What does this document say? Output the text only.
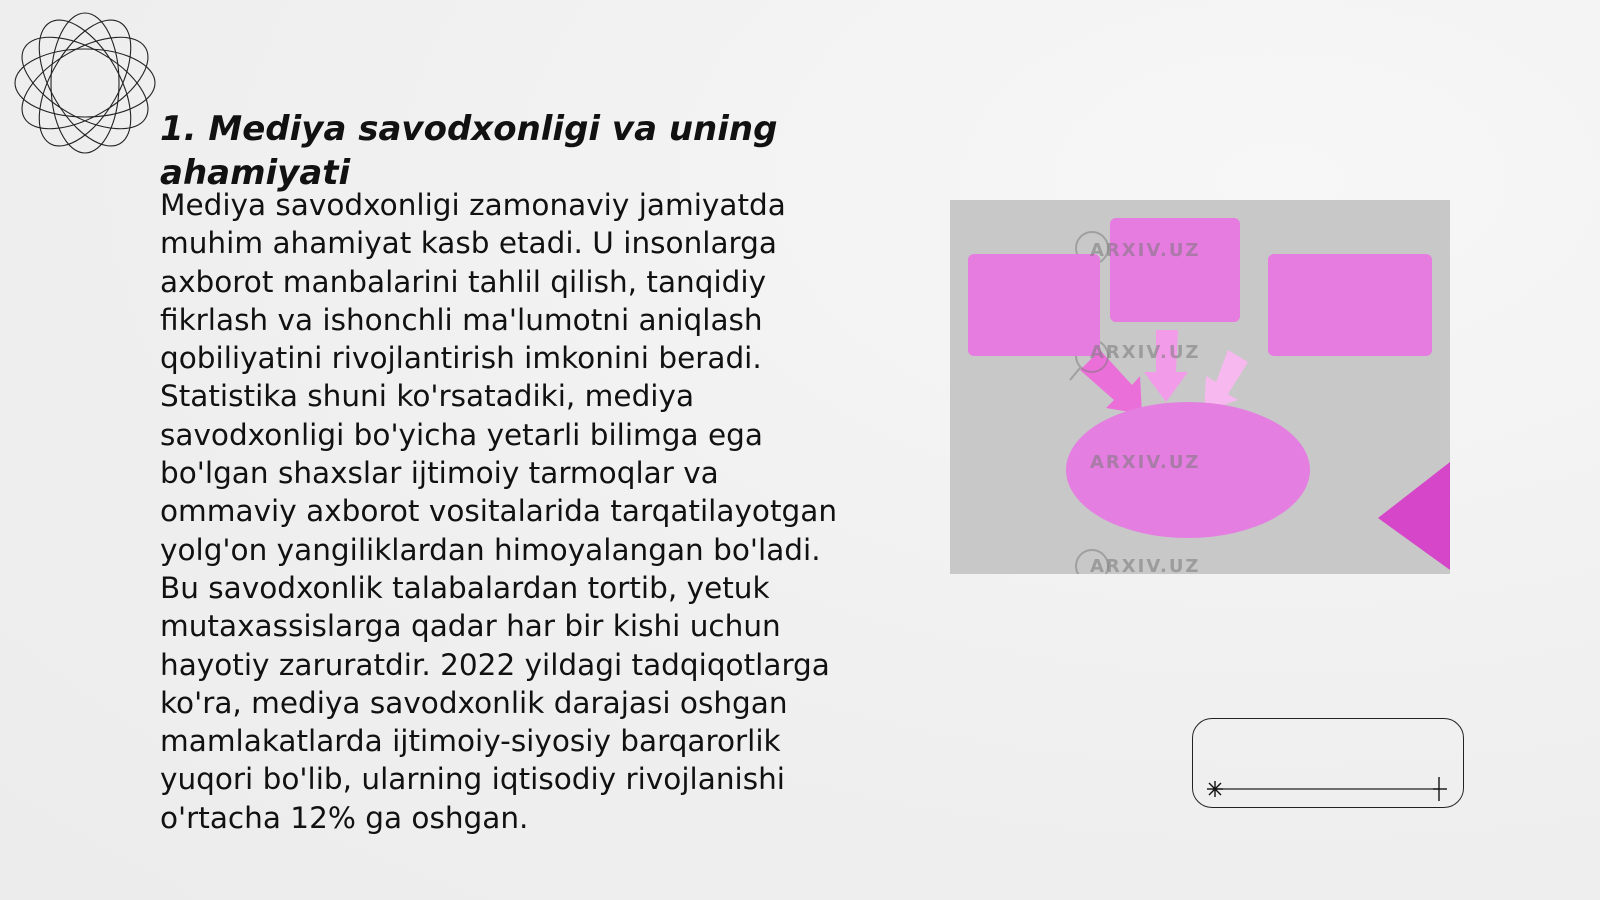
1. Mediya savodxonligi va uning ahamiyati

Mediya savodxonligi zamonaviy jamiyatda muhim ahamiyat kasb etadi. U insonlarga axborot manbalarini tahlil qilish, tanqidiy fikrlash va ishonchli ma'lumotni aniqlash qobiliyatini rivojlantirish imkonini beradi. Statistika shuni ko'rsatadiki, mediya savodxonligi bo'yicha yetarli bilimga ega bo'lgan shaxslar ijtimoiy tarmoqlar va ommaviy axborot vositalarida tarqatilayotgan yolg'on yangiliklardan himoyalangan bo'ladi. Bu savodxonlik talabalardan tortib, yetuk mutaxassislarga qadar har bir kishi uchun hayotiy zaruratdir. 2022 yildagi tadqiqotlarga ko'ra, mediya savodxonlik darajasi oshgan mamlakatlarda ijtimoiy-siyosiy barqarorlik yuqori bo'lib, ularning iqtisodiy rivojlanishi o'rtacha 12% ga oshgan.

ARXIV.UZ
ARXIV.UZ
ARXIV.UZ
ARXIV.UZ
